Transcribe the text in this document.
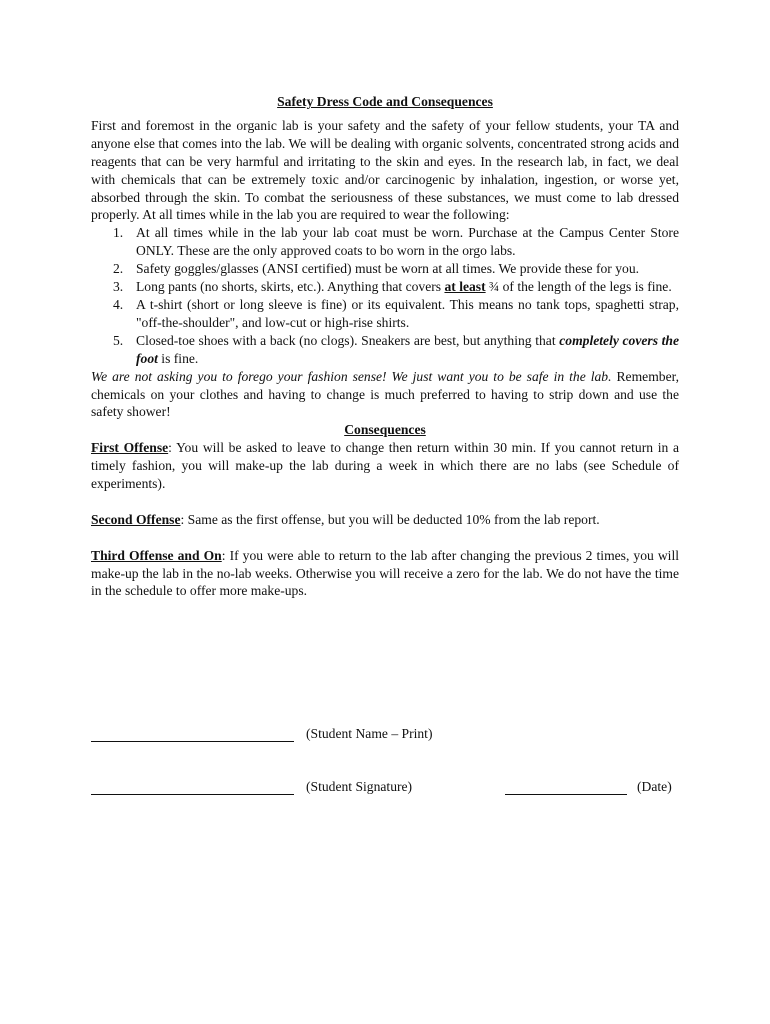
Safety Dress Code and Consequences

First and foremost in the organic lab is your safety and the safety of your fellow students, your TA and anyone else that comes into the lab. We will be dealing with organic solvents, concentrated strong acids and reagents that can be very harmful and irritating to the skin and eyes. In the research lab, in fact, we deal with chemicals that can be extremely toxic and/or carcinogenic by inhalation, ingestion, or worse yet, absorbed through the skin. To combat the seriousness of these substances, we must come to lab dressed properly. At all times while in the lab you are required to wear the following:

At all times while in the lab your lab coat must be worn. Purchase at the Campus Center Store ONLY. These are the only approved coats to bo worn in the orgo labs.
Safety goggles/glasses (ANSI certified) must be worn at all times. We provide these for you.
Long pants (no shorts, skirts, etc.). Anything that covers at least ¾ of the length of the legs is fine.
A t-shirt (short or long sleeve is fine) or its equivalent. This means no tank tops, spaghetti strap, "off-the-shoulder", and low-cut or high-rise shirts.
Closed-toe shoes with a back (no clogs). Sneakers are best, but anything that completely covers the foot is fine.

We are not asking you to forego your fashion sense! We just want you to be safe in the lab. Remember, chemicals on your clothes and having to change is much preferred to having to strip down and use the safety shower!

Consequences

First Offense: You will be asked to leave to change then return within 30 min. If you cannot return in a timely fashion, you will make-up the lab during a week in which there are no labs (see Schedule of experiments).

Second Offense: Same as the first offense, but you will be deducted 10% from the lab report.

Third Offense and On: If you were able to return to the lab after changing the previous 2 times, you will make-up the lab in the no-lab weeks. Otherwise you will receive a zero for the lab. We do not have the time in the schedule to offer more make-ups.

(Student Name – Print)
(Student Signature)	(Date)
